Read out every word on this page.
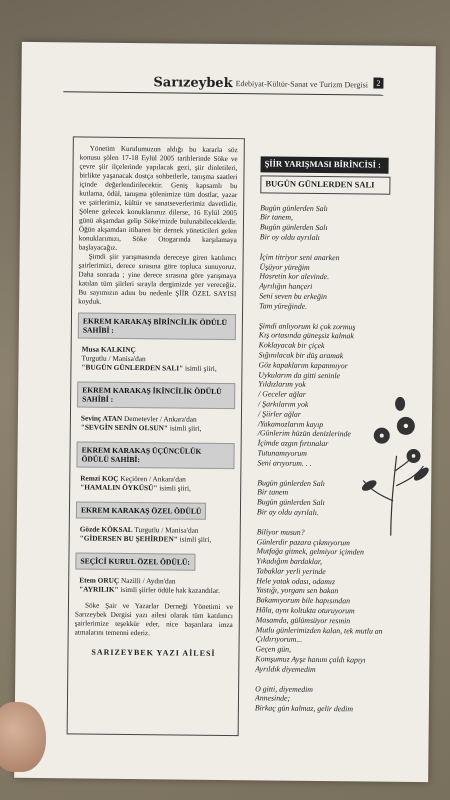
Sarızeybek Edebiyat-Kültür-Sanat ve Turizm Dergisi	2

Yönetim Kurulumuzun aldığı bu kararla söz konusu şölen 17-18 Eylül 2005 tarihlerinde Söke ve çevre şiir ilçelerinde yapılacak gezi, şiir dinletileri, birlikte yaşanacak dostça sohbetlerle, tanışma saatleri içinde değerlendirilecektir. Geniş kapsamlı bu kutlama, ödül, tanışma şölenimize tüm dostlar, yazar ve şairlerimiz, kültür ve sanatseverlerimiz davetlidir. Şölene gelecek konuklarımız dilerse, 16 Eylül 2005 günü akşamdan gelip Söke'mizde bulunabileceklerdir. Öğün akşamdan itibaren bir dernek yöneticileri gelen konuklarımızı, Söke Otogarında karşılamaya başlayacağız.

Şimdi şiir yarışmasında dereceye giren katılımcı şairlerimizi, derece sırasına göre topluca sunuyoruz. Daha sonrada ; yine derece sırasına göre yarışmaya katılan tüm şiirleri sırayla dergimizde yer vereceğiz. Bu sayımızın adını bu nedenle ŞİİR ÖZEL SAYISI koyduk.

EKREM KARAKAŞ BİRİNCİLİK ÖDÜLÜ SAHİBİ :
Musa KALKINÇ
Turgutlu / Manisa'dan
"BUGÜN GÜNLERDEN SALI" isimli şiiri,
EKREM KARAKAŞ İKİNCİLİK ÖDÜLÜ SAHİBİ :
Sevinç ATAN Demetevler / Ankara'dan
"SEVGİN SENİN OLSUN" isimli şiiri,
EKREM KARAKAŞ ÜÇÜNCÜLÜK ÖDÜLÜ SAHİBİ:
Remzi KOÇ Keçiören / Ankara'dan
"HAMALIN ÖYKÜSÜ" isimli şiiri,
EKREM KARAKAŞ ÖZEL ÖDÜLÜ
Gözde KÖKSAL Turgutlu / Manisa'dan
"GİDERSEN BU ŞEHİRDEN" isimli şiiri,
SEÇİCİ KURUL ÖZEL ÖDÜLÜ:
Etem ORUÇ Nazilli / Aydın'dan
"AYRILIK" isimli şiirler ödüle hak kazandılar.

Söke Şair ve Yazarlar Derneği Yönetimi ve Sarızeybek Dergisi yazı ailesi olarak tüm katılımcı şairlerimize teşekkür eder, nice başarılara imza atmalarını temenni ederiz.

SARIZEYBEK YAZI AİLESİ
ŞİİR YARIŞMASI BİRİNCİSİ :
BUGÜN GÜNLERDEN SALI
Bugün günlerden Salı
Bir tanem,
Bugün günlerden Salı
Bir oy oldu ayrılalı
İçim titriyor seni anarken
Üşüyor yüreğim
Hasretin kor alevinde.
Ayrılığın hançeri
Seni seven bu erkeğin
Tam yüreğinde.
Şimdi anlıyorum ki çok zormuş
Kış ortasında güneşsiz kalmak
Koklayacak bir çiçek
Sığınılacak bir düş aramak
Göz kapaklarım kapanmıyor
Uykularım da gitti seninle
Yıldızlarım yok
/ Geceler ağlar
/ Şarkılarım yok
/ Şiirler ağlar
/Yakamozlarım kayıp
/Günlerim hüzün denizlerinde
İçimde azgın fırtınalar
Tutunamıyorum
Seni arıyorum. . .
Bugün günlerden Salı
Bir tanem
Bugün günlerden Salı
Bir ay oldu ayrılalı.
Biliyor musun?
Günlerdir pazara çıkmıyorum
Mutfağa gitmek, gelmiyor içimden
Yıkadığım bardaklar,
Tabaklar yerli yerinde
Hele yatak odası, odamız
Yastığı, yorganı sen bakan
Bakamıyorum bile hapısından
Hâla, aynı koltukta oturuyorum
Masamda, gülümsüyor resmin
Mutlu günlerimizden kalan, tek mutlu an
Çıldırıyorum...
Geçen gün,
Komşumuz Ayşe hanım çaldı kapıyı
Ayrıldık diyemedim
O gitti, diyemedim
Annesinde;
Birkaç gün kalmaz, gelir dedim
